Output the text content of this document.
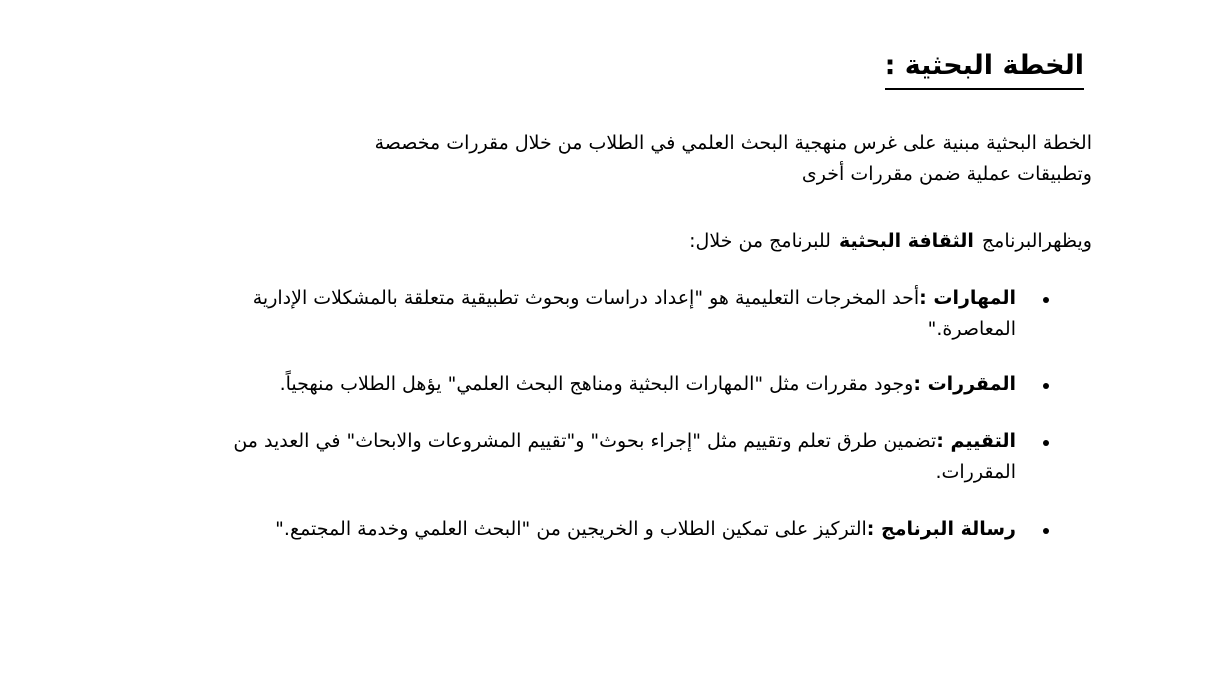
الخطة البحثية :

الخطة البحثية مبنية على غرس منهجية البحث العلمي في الطلاب من خلال مقررات مخصصة
وتطبيقات عملية ضمن مقررات أخرى

ويظهرالبرنامجالثقافة البحثيةللبرنامج من خلال:

المهارات :أحد المخرجات التعليمية هو "إعداد دراسات وبحوث تطبيقية متعلقة بالمشكلات الإدارية المعاصرة."
المقررات :وجود مقررات مثل "المهارات البحثية ومناهج البحث العلمي" يؤهل الطلاب منهجياً.
التقييم :تضمين طرق تعلم وتقييم مثل "إجراء بحوث" و"تقييم المشروعات والابحاث" في العديد من المقررات.
رسالة البرنامج :التركيز على تمكين الطلاب و الخريجين من "البحث العلمي وخدمة المجتمع."
